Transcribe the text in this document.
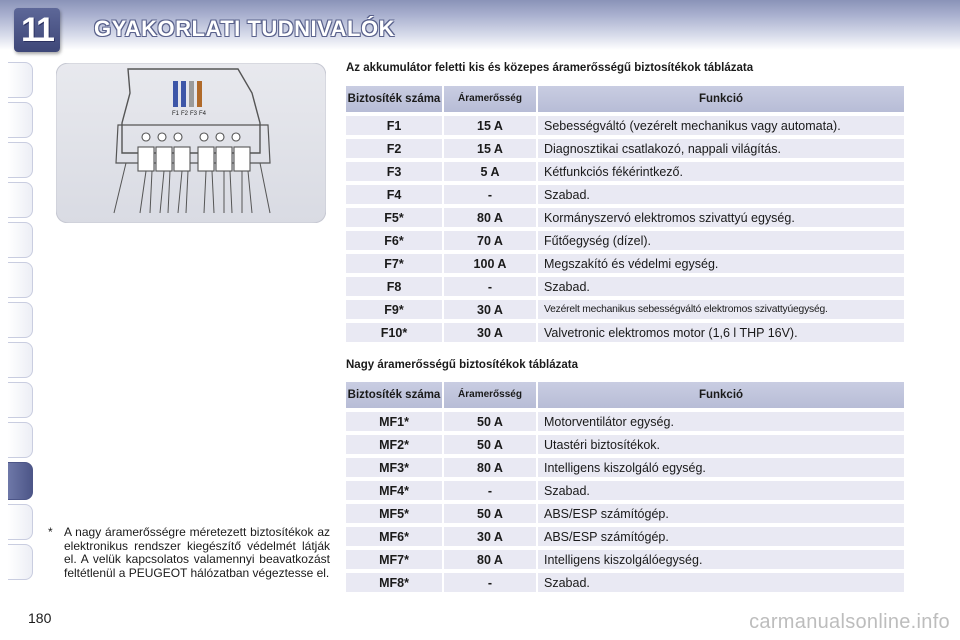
11	GYAKORLATI TUDNIVALÓK
F1 F2 F3 F4
Az akkumulátor feletti kis és közepes áramerősségű biztosítékok táblázata
Biztosíték száma	Áramerősség	Funkció
F1	15 A	Sebességváltó (vezérelt mechanikus vagy automata).
F2	15 A	Diagnosztikai csatlakozó, nappali világítás.
F3	5 A	Kétfunkciós fékérintkező.
F4	-	Szabad.
F5*	80 A	Kormányszervó elektromos szivattyú egység.
F6*	70 A	Fűtőegység (dízel).
F7*	100 A	Megszakító és védelmi egység.
F8	-	Szabad.
F9*	30 A	Vezérelt mechanikus sebességváltó elektromos szivattyúegység.
F10*	30 A	Valvetronic elektromos motor (1,6 l THP 16V).
Nagy áramerősségű biztosítékok táblázata
Biztosíték száma	Áramerősség	Funkció
MF1*	50 A	Motorventilátor egység.
MF2*	50 A	Utastéri biztosítékok.
MF3*	80 A	Intelligens kiszolgáló egység.
MF4*	-	Szabad.
MF5*	50 A	ABS/ESP számítógép.
MF6*	30 A	ABS/ESP számítógép.
MF7*	80 A	Intelligens kiszolgálóegység.
MF8*	-	Szabad.
* A nagy áramerősségre méretezett biztosítékok az elektronikus rendszer kiegészítő védelmét látják el. A velük kapcsolatos valamennyi beavatkozást feltétlenül a PEUGEOT hálózatban végeztesse el.
180	carmanualsonline.info
